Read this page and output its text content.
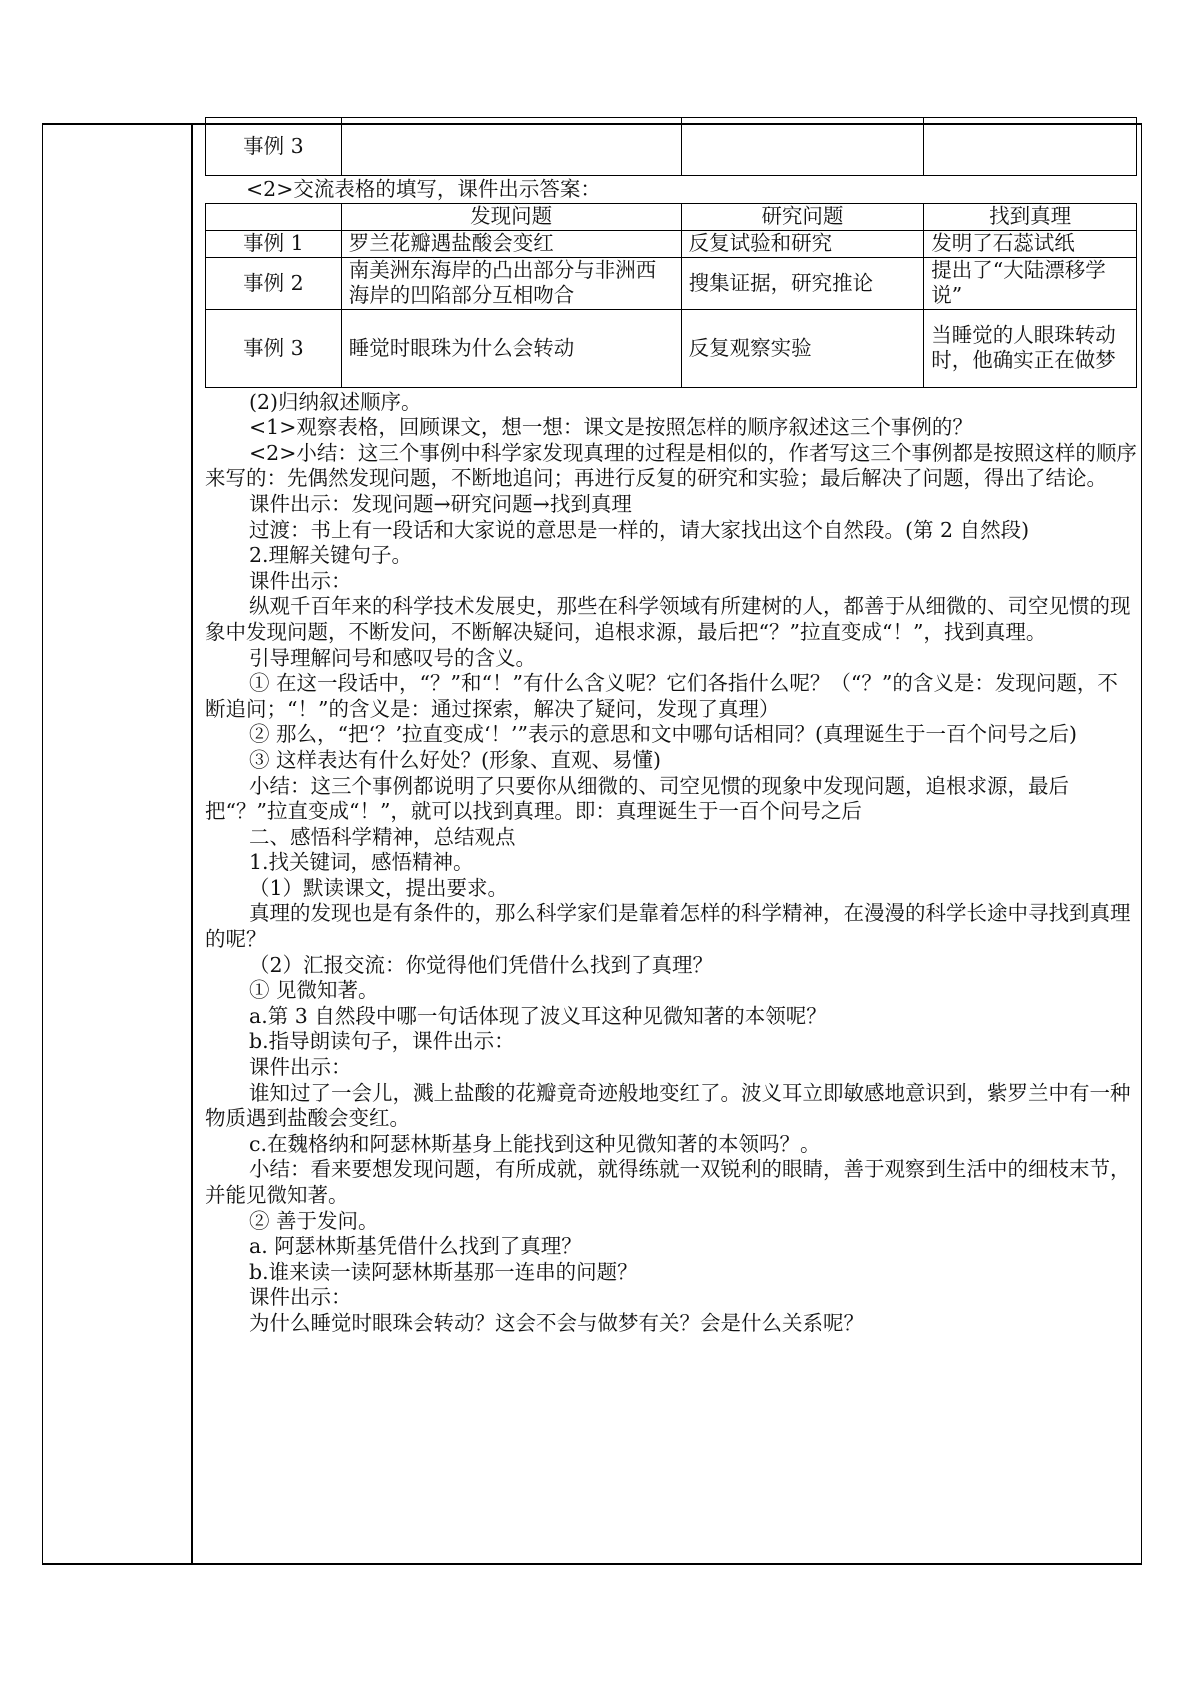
事例 3			

<2>交流表格的填写，课件出示答案：

	发现问题	研究问题	找到真理
事例 1	罗兰花瓣遇盐酸会变红	反复试验和研究	发明了石蕊试纸
事例 2	南美洲东海岸的凸出部分与非洲西海岸的凹陷部分互相吻合	搜集证据，研究推论	提出了“大陆漂移学说”
事例 3	睡觉时眼珠为什么会转动	反复观察实验	当睡觉的人眼珠转动时，他确实正在做梦

(2)归纳叙述顺序。

<1>观察表格，回顾课文，想一想：课文是按照怎样的顺序叙述这三个事例的？

<2>小结：这三个事例中科学家发现真理的过程是相似的，作者写这三个事例都是按照这样的顺序来写的：先偶然发现问题，不断地追问；再进行反复的研究和实验；最后解决了问题，得出了结论。

课件出示：发现问题→研究问题→找到真理

过渡：书上有一段话和大家说的意思是一样的，请大家找出这个自然段。(第 2 自然段)

2.理解关键句子。

课件出示：

纵观千百年来的科学技术发展史，那些在科学领域有所建树的人，都善于从细微的、司空见惯的现象中发现问题，不断发问，不断解决疑问，追根求源，最后把“？”拉直变成“！”，找到真理。

引导理解问号和感叹号的含义。

① 在这一段话中，“？”和“！”有什么含义呢？它们各指什么呢？（“？”的含义是：发现问题，不断追问；“！”的含义是：通过探索，解决了疑问，发现了真理）

② 那么，“把‘？’拉直变成‘！’”表示的意思和文中哪句话相同？(真理诞生于一百个问号之后)

③ 这样表达有什么好处？(形象、直观、易懂)

小结：这三个事例都说明了只要你从细微的、司空见惯的现象中发现问题，追根求源，最后把“？”拉直变成“！”，就可以找到真理。即：真理诞生于一百个问号之后

二、感悟科学精神，总结观点

1.找关键词，感悟精神。

（1）默读课文，提出要求。

真理的发现也是有条件的，那么科学家们是靠着怎样的科学精神，在漫漫的科学长途中寻找到真理的呢？

（2）汇报交流：你觉得他们凭借什么找到了真理？

① 见微知著。

a.第 3 自然段中哪一句话体现了波义耳这种见微知著的本领呢？

b.指导朗读句子，课件出示：

课件出示：

谁知过了一会儿，溅上盐酸的花瓣竟奇迹般地变红了。波义耳立即敏感地意识到，紫罗兰中有一种物质遇到盐酸会变红。

c.在魏格纳和阿瑟林斯基身上能找到这种见微知著的本领吗？。

小结：看来要想发现问题，有所成就，就得练就一双锐利的眼睛，善于观察到生活中的细枝末节，并能见微知著。

② 善于发问。

a. 阿瑟林斯基凭借什么找到了真理？

b.谁来读一读阿瑟林斯基那一连串的问题？

课件出示：

为什么睡觉时眼珠会转动？这会不会与做梦有关？会是什么关系呢？
